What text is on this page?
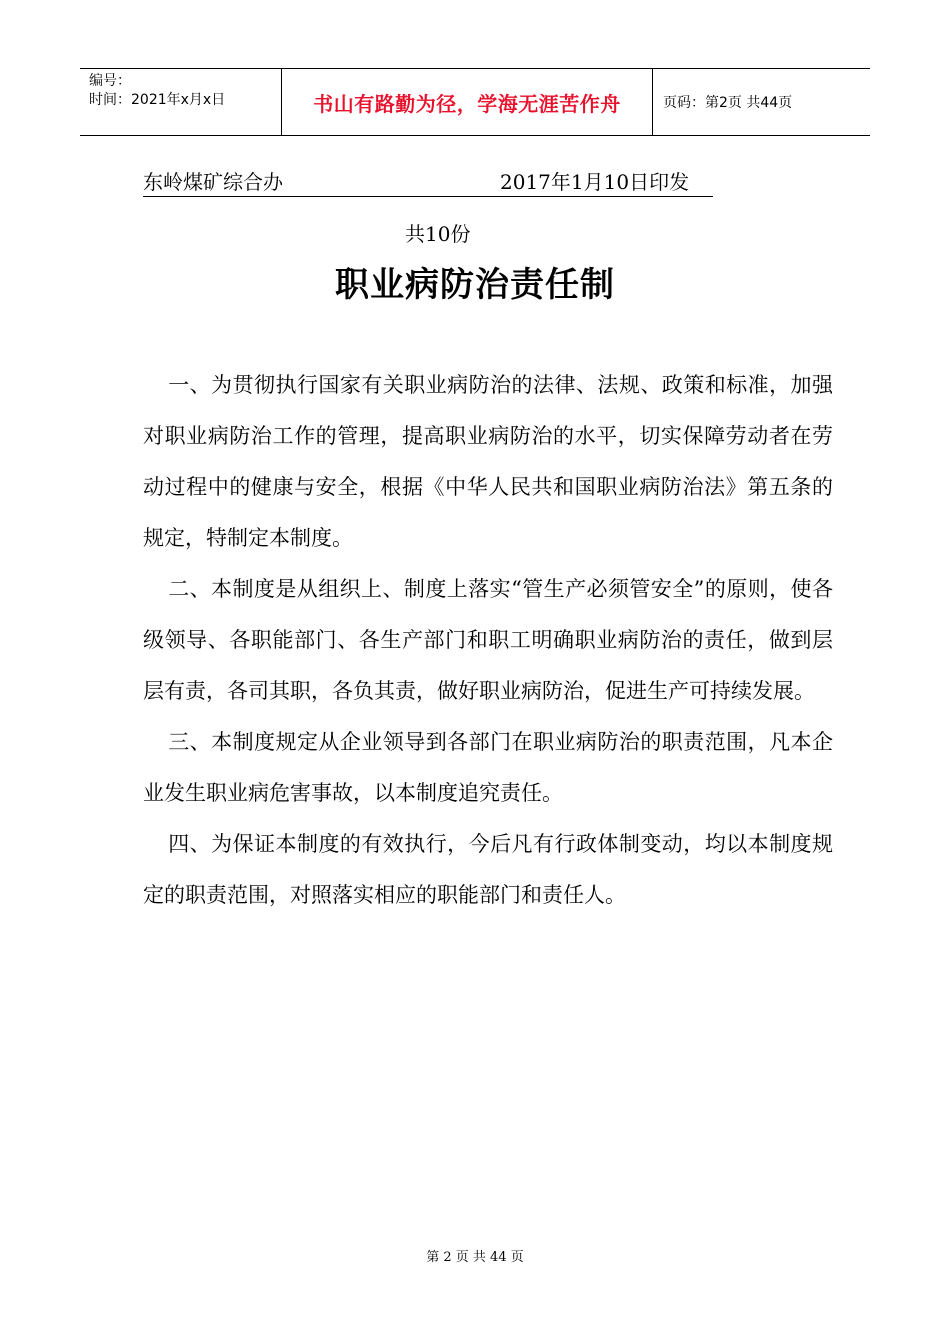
编号：
时间：2021年x月x日	书山有路勤为径，学海无涯苦作舟	页码：第2页 共44页
东岭煤矿综合办	2017年1月10日印发
共10份
职业病防治责任制

一、为贯彻执行国家有关职业病防治的法律、法规、政策和标准，加强对职业病防治工作的管理，提高职业病防治的水平，切实保障劳动者在劳动过程中的健康与安全，根据《中华人民共和国职业病防治法》第五条的规定，特制定本制度。

二、本制度是从组织上、制度上落实“管生产必须管安全”的原则，使各级领导、各职能部门、各生产部门和职工明确职业病防治的责任，做到层层有责，各司其职，各负其责，做好职业病防治，促进生产可持续发展。

三、本制度规定从企业领导到各部门在职业病防治的职责范围，凡本企业发生职业病危害事故，以本制度追究责任。

四、为保证本制度的有效执行，今后凡有行政体制变动，均以本制度规定的职责范围，对照落实相应的职能部门和责任人。

第 2 页 共 44 页
